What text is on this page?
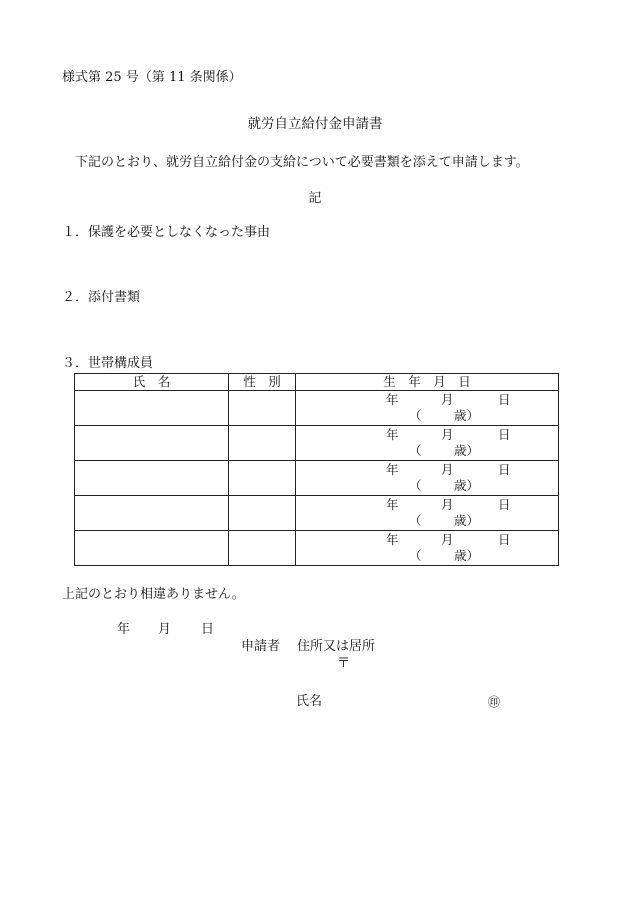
様式第 25 号（第 11 条関係）
就労自立給付金申請書
下記のとおり、就労自立給付金の支給について必要書類を添えて申請します。
記
１．保護を必要としなくなった事由
２．添付書類
３．世帯構成員
氏　名	性　別	生　年　月　日

		年 月 日
（ 歳）

		年 月 日
（ 歳）

		年 月 日
（ 歳）

		年 月 日
（ 歳）

		年 月 日
（ 歳）
上記のとおり相違ありません。
年 月 日
申請者 住所又は居所
〒
氏名	㊞
